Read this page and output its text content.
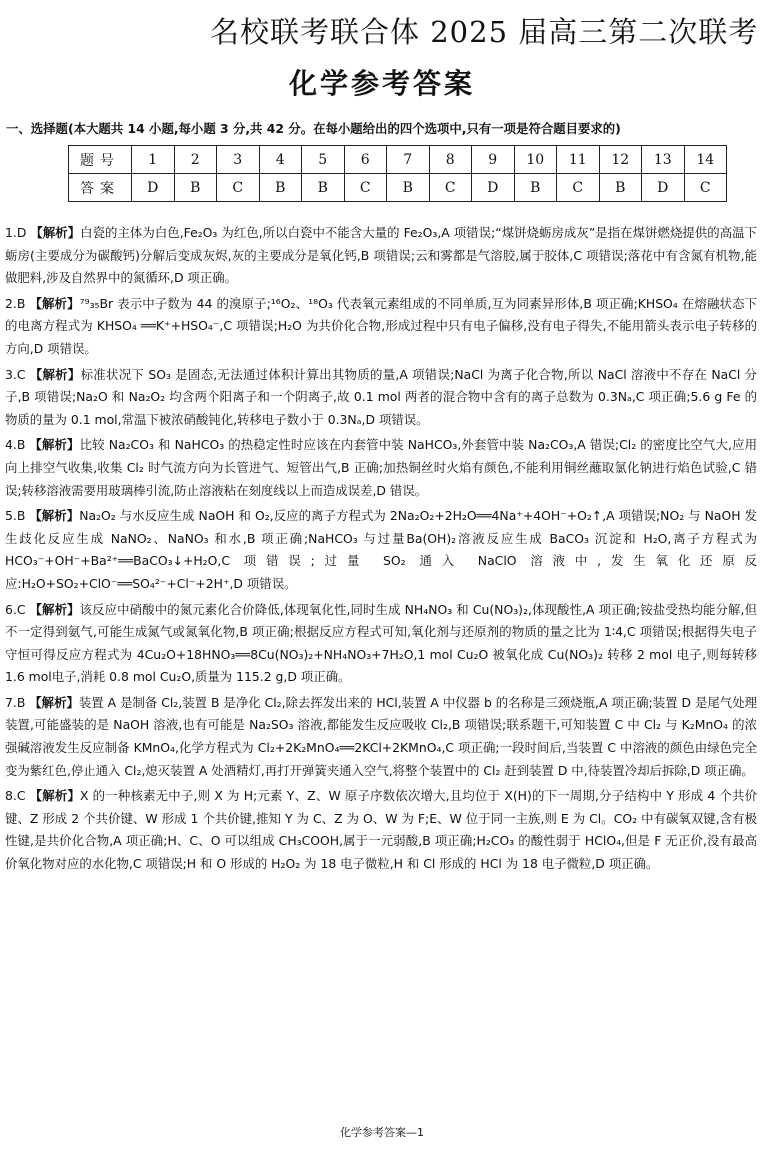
名校联考联合体 2025 届高三第二次联考
化学参考答案
一、选择题(本大题共 14 小题,每小题 3 分,共 42 分。在每小题给出的四个选项中,只有一项是符合题目要求的)
题号	1	2	3	4	5	6	7	8	9	10	11	12	13	14
答案	D	B	C	B	B	C	B	C	D	B	C	B	D	C

1.D 【解析】白瓷的主体为白色,Fe₂O₃ 为红色,所以白瓷中不能含大量的 Fe₂O₃,A 项错误;“煤饼烧蛎房成灰”是指在煤饼燃烧提供的高温下蛎房(主要成分为碳酸钙)分解后变成灰烬,灰的主要成分是氧化钙,B 项错误;云和雾都是气溶胶,属于胶体,C 项错误;落花中有含氮有机物,能做肥料,涉及自然界中的氮循环,D 项正确。

2.B 【解析】⁷⁹₃₅Br 表示中子数为 44 的溴原子;¹⁶O₂、¹⁸O₃ 代表氧元素组成的不同单质,互为同素异形体,B 项正确;KHSO₄ 在熔融状态下的电离方程式为 KHSO₄ ══K⁺+HSO₄⁻,C 项错误;H₂O 为共价化合物,形成过程中只有电子偏移,没有电子得失,不能用箭头表示电子转移的方向,D 项错误。

3.C 【解析】标准状况下 SO₃ 是固态,无法通过体积计算出其物质的量,A 项错误;NaCl 为离子化合物,所以 NaCl 溶液中不存在 NaCl 分子,B 项错误;Na₂O 和 Na₂O₂ 均含两个阳离子和一个阴离子,故 0.1 mol 两者的混合物中含有的离子总数为 0.3Nₐ,C 项正确;5.6 g Fe 的物质的量为 0.1 mol,常温下被浓硝酸钝化,转移电子数小于 0.3Nₐ,D 项错误。

4.B 【解析】比较 Na₂CO₃ 和 NaHCO₃ 的热稳定性时应该在内套管中装 NaHCO₃,外套管中装 Na₂CO₃,A 错误;Cl₂ 的密度比空气大,应用向上排空气收集,收集 Cl₂ 时气流方向为长管进气、短管出气,B 正确;加热铜丝时火焰有颜色,不能利用铜丝蘸取氯化钠进行焰色试验,C 错误;转移溶液需要用玻璃棒引流,防止溶液粘在刻度线以上而造成误差,D 错误。

5.B 【解析】Na₂O₂ 与水反应生成 NaOH 和 O₂,反应的离子方程式为 2Na₂O₂+2H₂O══4Na⁺+4OH⁻+O₂↑,A 项错误;NO₂ 与 NaOH 发生歧化反应生成 NaNO₂、NaNO₃ 和水,B 项正确;NaHCO₃ 与过量Ba(OH)₂溶液反应生成 BaCO₃ 沉淀和 H₂O,离子方程式为 HCO₃⁻+OH⁻+Ba²⁺══BaCO₃↓+H₂O,C 项错误;过量 SO₂ 通入 NaClO 溶液中,发生氧化还原反应:H₂O+SO₂+ClO⁻══SO₄²⁻+Cl⁻+2H⁺,D 项错误。

6.C 【解析】该反应中硝酸中的氮元素化合价降低,体现氧化性,同时生成 NH₄NO₃ 和 Cu(NO₃)₂,体现酸性,A 项正确;铵盐受热均能分解,但不一定得到氨气,可能生成氮气或氮氧化物,B 项正确;根据反应方程式可知,氧化剂与还原剂的物质的量之比为 1∶4,C 项错误;根据得失电子守恒可得反应方程式为 4Cu₂O+18HNO₃══8Cu(NO₃)₂+NH₄NO₃+7H₂O,1 mol Cu₂O 被氧化成 Cu(NO₃)₂ 转移 2 mol 电子,则每转移 1.6 mol电子,消耗 0.8 mol Cu₂O,质量为 115.2 g,D 项正确。

7.B 【解析】装置 A 是制备 Cl₂,装置 B 是净化 Cl₂,除去挥发出来的 HCl,装置 A 中仪器 b 的名称是三颈烧瓶,A 项正确;装置 D 是尾气处理装置,可能盛装的是 NaOH 溶液,也有可能是 Na₂SO₃ 溶液,都能发生反应吸收 Cl₂,B 项错误;联系题干,可知装置 C 中 Cl₂ 与 K₂MnO₄ 的浓强碱溶液发生反应制备 KMnO₄,化学方程式为 Cl₂+2K₂MnO₄══2KCl+2KMnO₄,C 项正确;一段时间后,当装置 C 中溶液的颜色由绿色完全变为紫红色,停止通入 Cl₂,熄灭装置 A 处酒精灯,再打开弹簧夹通入空气,将整个装置中的 Cl₂ 赶到装置 D 中,待装置冷却后拆除,D 项正确。

8.C 【解析】X 的一种核素无中子,则 X 为 H;元素 Y、Z、W 原子序数依次增大,且均位于 X(H)的下一周期,分子结构中 Y 形成 4 个共价键、Z 形成 2 个共价键、W 形成 1 个共价键,推知 Y 为 C、Z 为 O、W 为 F;E、W 位于同一主族,则 E 为 Cl。CO₂ 中有碳氧双键,含有极性键,是共价化合物,A 项正确;H、C、O 可以组成 CH₃COOH,属于一元弱酸,B 项正确;H₂CO₃ 的酸性弱于 HClO₄,但是 F 无正价,没有最高价氧化物对应的水化物,C 项错误;H 和 O 形成的 H₂O₂ 为 18 电子微粒,H 和 Cl 形成的 HCl 为 18 电子微粒,D 项正确。

化学参考答案—1
